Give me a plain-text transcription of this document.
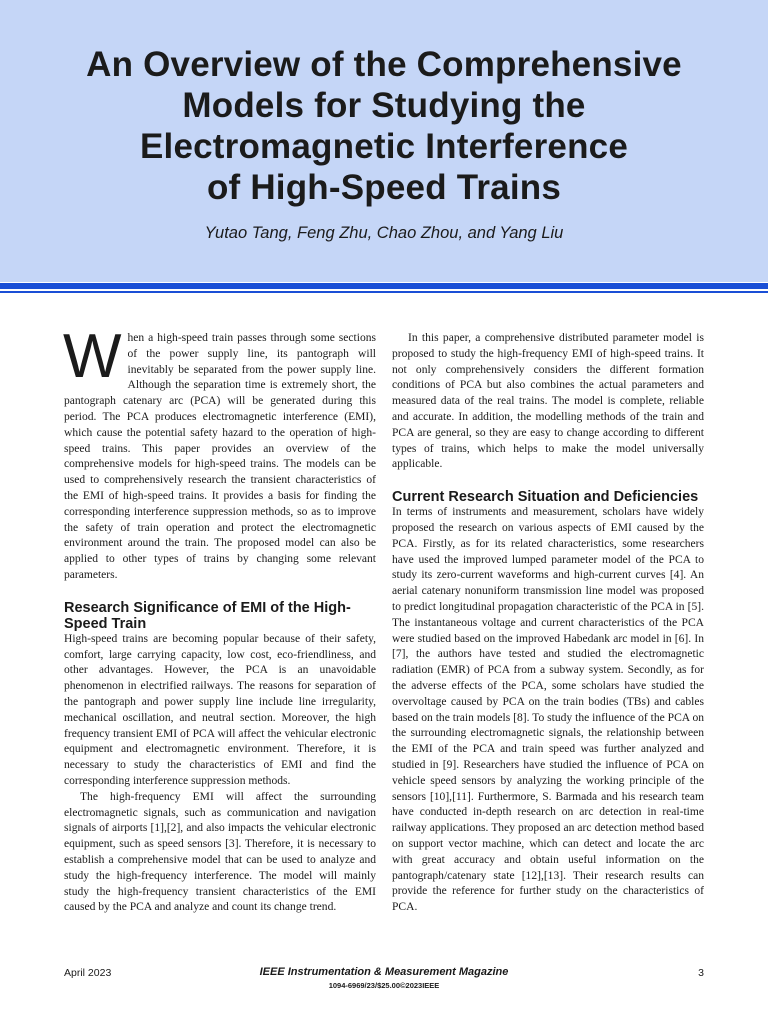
An Overview of the Comprehensive
Models for Studying the
Electromagnetic Interference
of High-Speed Trains
Yutao Tang, Feng Zhu, Chao Zhou, and Yang Liu

When a high-speed train passes through some sections of the power supply line, its pantograph will inevitably be separated from the power supply line. Although the separation time is extremely short, the pantograph catenary arc (PCA) will be generated during this period. The PCA produces electromagnetic interference (EMI), which cause the potential safety hazard to the operation of high-speed trains. This paper provides an overview of the comprehensive models for high-speed trains. The models can be used to comprehensively research the transient characteristics of the EMI of high-speed trains. It provides a basis for finding the corresponding interference suppression methods, so as to improve the safety of train operation and protect the electromagnetic environment around the train. The proposed model can also be applied to other types of trains by changing some relevant parameters.

Research Significance of EMI of the High-Speed Train

High-speed trains are becoming popular because of their safety, comfort, large carrying capacity, low cost, eco-friendliness, and other advantages. However, the PCA is an unavoidable phenomenon in electrified railways. The reasons for separation of the pantograph and power supply line include line irregularity, mechanical oscillation, and neutral section. Moreover, the high frequency transient EMI of PCA will affect the vehicular electronic equipment and electromagnetic environment. Therefore, it is necessary to study the characteristics of EMI and find the corresponding interference suppression methods.

The high-frequency EMI will affect the surrounding electromagnetic signals, such as communication and navigation signals of airports [1],[2], and also impacts the vehicular electronic equipment, such as speed sensors [3]. Therefore, it is necessary to establish a comprehensive model that can be used to analyze and study the high-frequency interference. The model will mainly study the high-frequency transient characteristics of the EMI caused by the PCA and analyze and count its change trend.

In this paper, a comprehensive distributed parameter model is proposed to study the high-frequency EMI of high-speed trains. It not only comprehensively considers the different formation conditions of PCA but also combines the actual parameters and measured data of the real trains. The model is complete, reliable and accurate. In addition, the modelling methods of the train and PCA are general, so they are easy to change according to different types of trains, which helps to make the model universally applicable.

Current Research Situation and Deficiencies

In terms of instruments and measurement, scholars have widely proposed the research on various aspects of EMI caused by the PCA. Firstly, as for its related characteristics, some researchers have used the improved lumped parameter model of the PCA to study its zero-current waveforms and high-current curves [4]. An aerial catenary nonuniform transmission line model was proposed to predict longitudinal propagation characteristic of the PCA in [5]. The instantaneous voltage and current characteristics of the PCA were studied based on the improved Habedank arc model in [6]. In [7], the authors have tested and studied the electromagnetic radiation (EMR) of PCA from a subway system. Secondly, as for the adverse effects of the PCA, some scholars have studied the overvoltage caused by PCA on the train bodies (TBs) and cables based on the train models [8]. To study the influence of the PCA on the surrounding electromagnetic signals, the relationship between the EMI of the PCA and train speed was further analyzed and studied in [9]. Researchers have studied the influence of PCA on vehicle speed sensors by analyzing the working principle of the sensors [10],[11]. Furthermore, S. Barmada and his research team have conducted in-depth research on arc detection in real-time railway applications. They proposed an arc detection method based on support vector machine, which can detect and locate the arc with great accuracy and obtain useful information on the pantograph/catenary state [12],[13]. Their research results can provide the reference for further study on the characteristics of PCA.

April 2023	IEEE Instrumentation & Measurement Magazine
1094-6969/23/$25.00©2023IEEE
3
